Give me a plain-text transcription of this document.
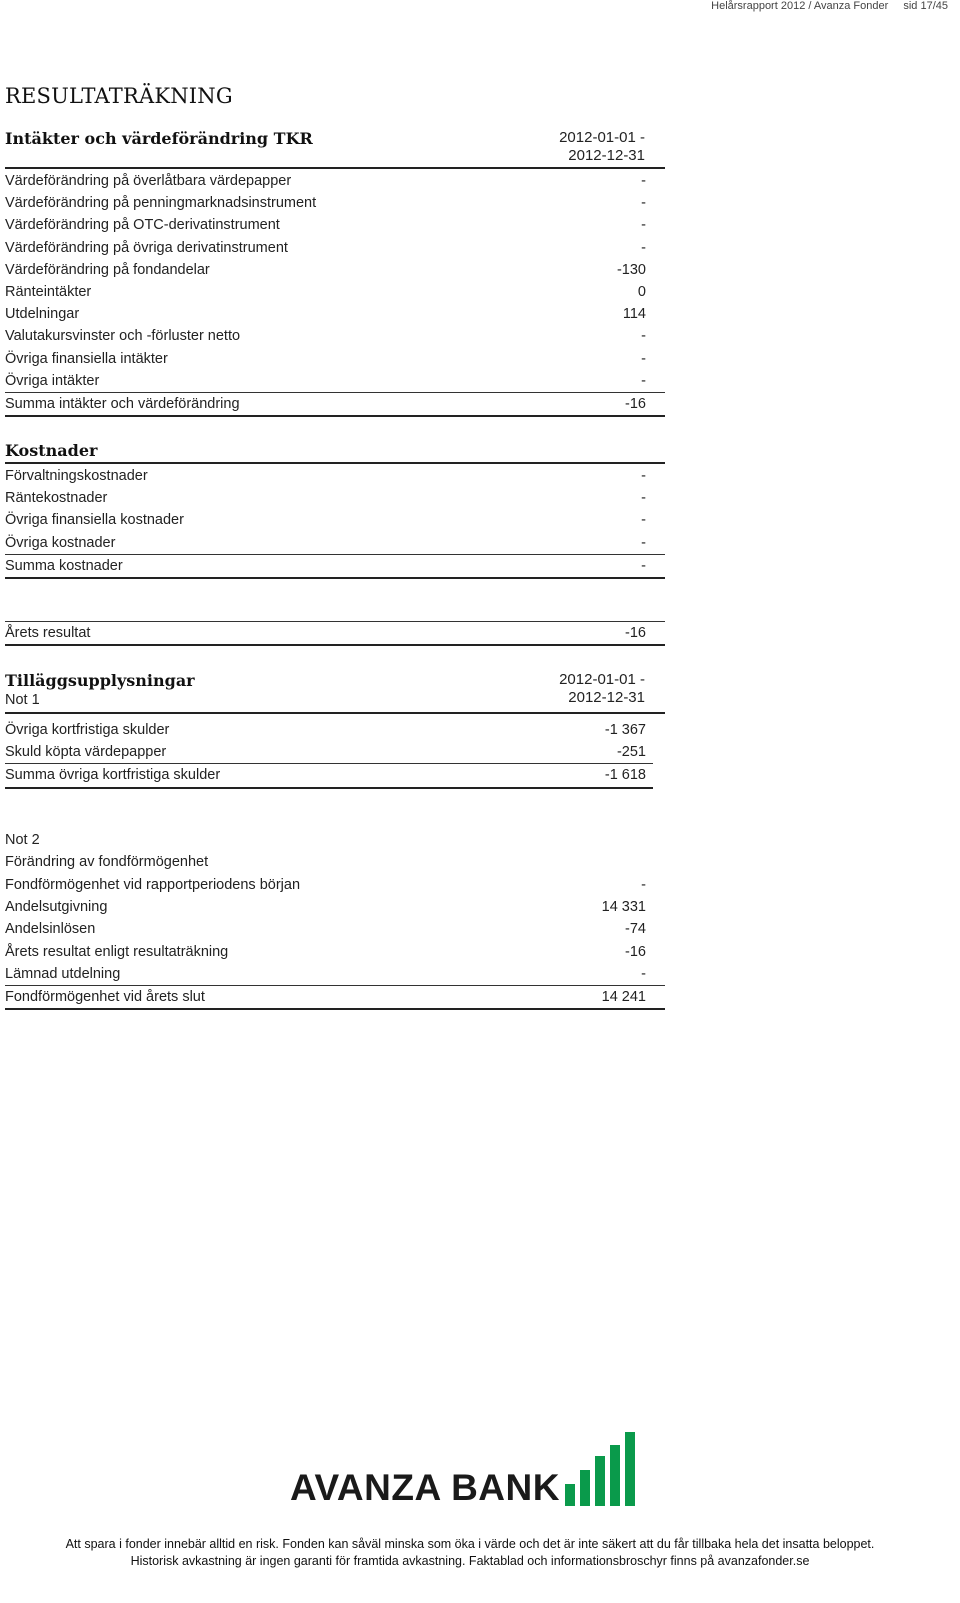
Helårsrapport 2012 / Avanza Fonder sid 17/45
RESULTATRÄKNING
Intäkter och värdeförändring TKR	2012-01-01 -
2012-12-31
Värdeförändring på överlåtbara värdepapper	-
Värdeförändring på penningmarknadsinstrument	-
Värdeförändring på OTC-derivatinstrument	-
Värdeförändring på övriga derivatinstrument	-
Värdeförändring på fondandelar	-130
Ränteintäkter	0
Utdelningar	114
Valutakursvinster och -förluster netto	-
Övriga finansiella intäkter	-
Övriga intäkter	-
Summa intäkter och värdeförändring	-16
Kostnader
Förvaltningskostnader	-
Räntekostnader	-
Övriga finansiella kostnader	-
Övriga kostnader	-
Summa kostnader	-
Årets resultat	-16
Tilläggsupplysningar
Not 1
2012-01-01 -
2012-12-31
Övriga kortfristiga skulder	-1 367
Skuld köpta värdepapper	-251
Summa övriga kortfristiga skulder	-1 618
Not 2
Förändring av fondförmögenhet
Fondförmögenhet vid rapportperiodens början	-
Andelsutgivning	14 331
Andelsinlösen	-74
Årets resultat enligt resultaträkning	-16
Lämnad utdelning	-
Fondförmögenhet vid årets slut	14 241
AVANZA BANK
Att spara i fonder innebär alltid en risk. Fonden kan såväl minska som öka i värde och det är inte säkert att du får tillbaka hela det insatta beloppet.
Historisk avkastning är ingen garanti för framtida avkastning. Faktablad och informationsbroschyr finns på avanzafonder.se
